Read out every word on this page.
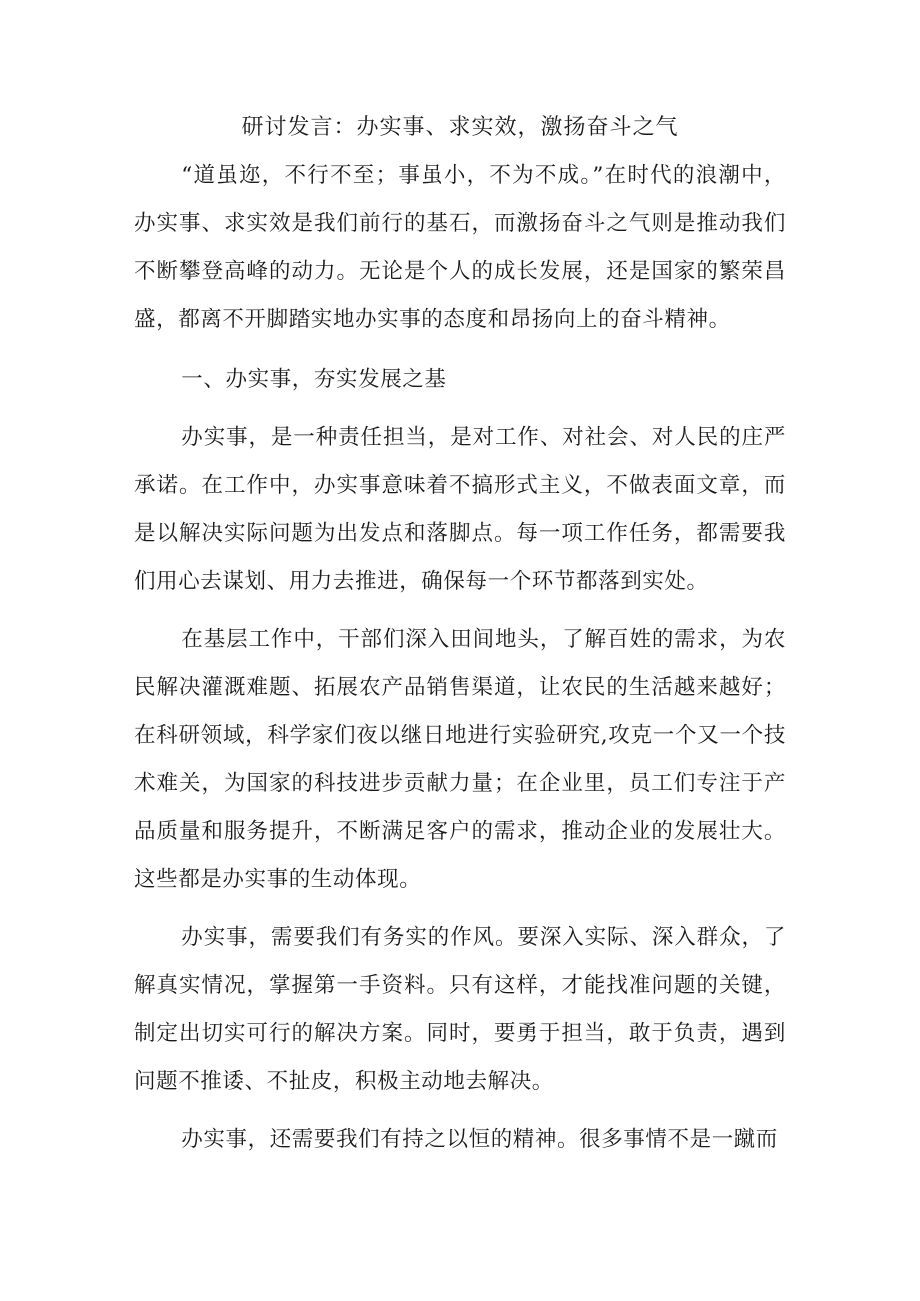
研讨发言：办实事、求实效，激扬奋斗之气

“道虽迩，不行不至；事虽小，不为不成。”在时代的浪潮中，办实事、求实效是我们前行的基石，而激扬奋斗之气则是推动我们不断攀登高峰的动力。无论是个人的成长发展，还是国家的繁荣昌盛，都离不开脚踏实地办实事的态度和昂扬向上的奋斗精神。

一、办实事，夯实发展之基

办实事，是一种责任担当，是对工作、对社会、对人民的庄严承诺。在工作中，办实事意味着不搞形式主义，不做表面文章，而是以解决实际问题为出发点和落脚点。每一项工作任务，都需要我们用心去谋划、用力去推进，确保每一个环节都落到实处。

在基层工作中，干部们深入田间地头，了解百姓的需求，为农民解决灌溉难题、拓展农产品销售渠道，让农民的生活越来越好；在科研领域，科学家们夜以继日地进行实验研究,攻克一个又一个技术难关，为国家的科技进步贡献力量；在企业里，员工们专注于产品质量和服务提升，不断满足客户的需求，推动企业的发展壮大。这些都是办实事的生动体现。

办实事，需要我们有务实的作风。要深入实际、深入群众，了解真实情况，掌握第一手资料。只有这样，才能找准问题的关键，制定出切实可行的解决方案。同时，要勇于担当，敢于负责，遇到问题不推诿、不扯皮，积极主动地去解决。

办实事，还需要我们有持之以恒的精神。很多事情不是一蹴而
